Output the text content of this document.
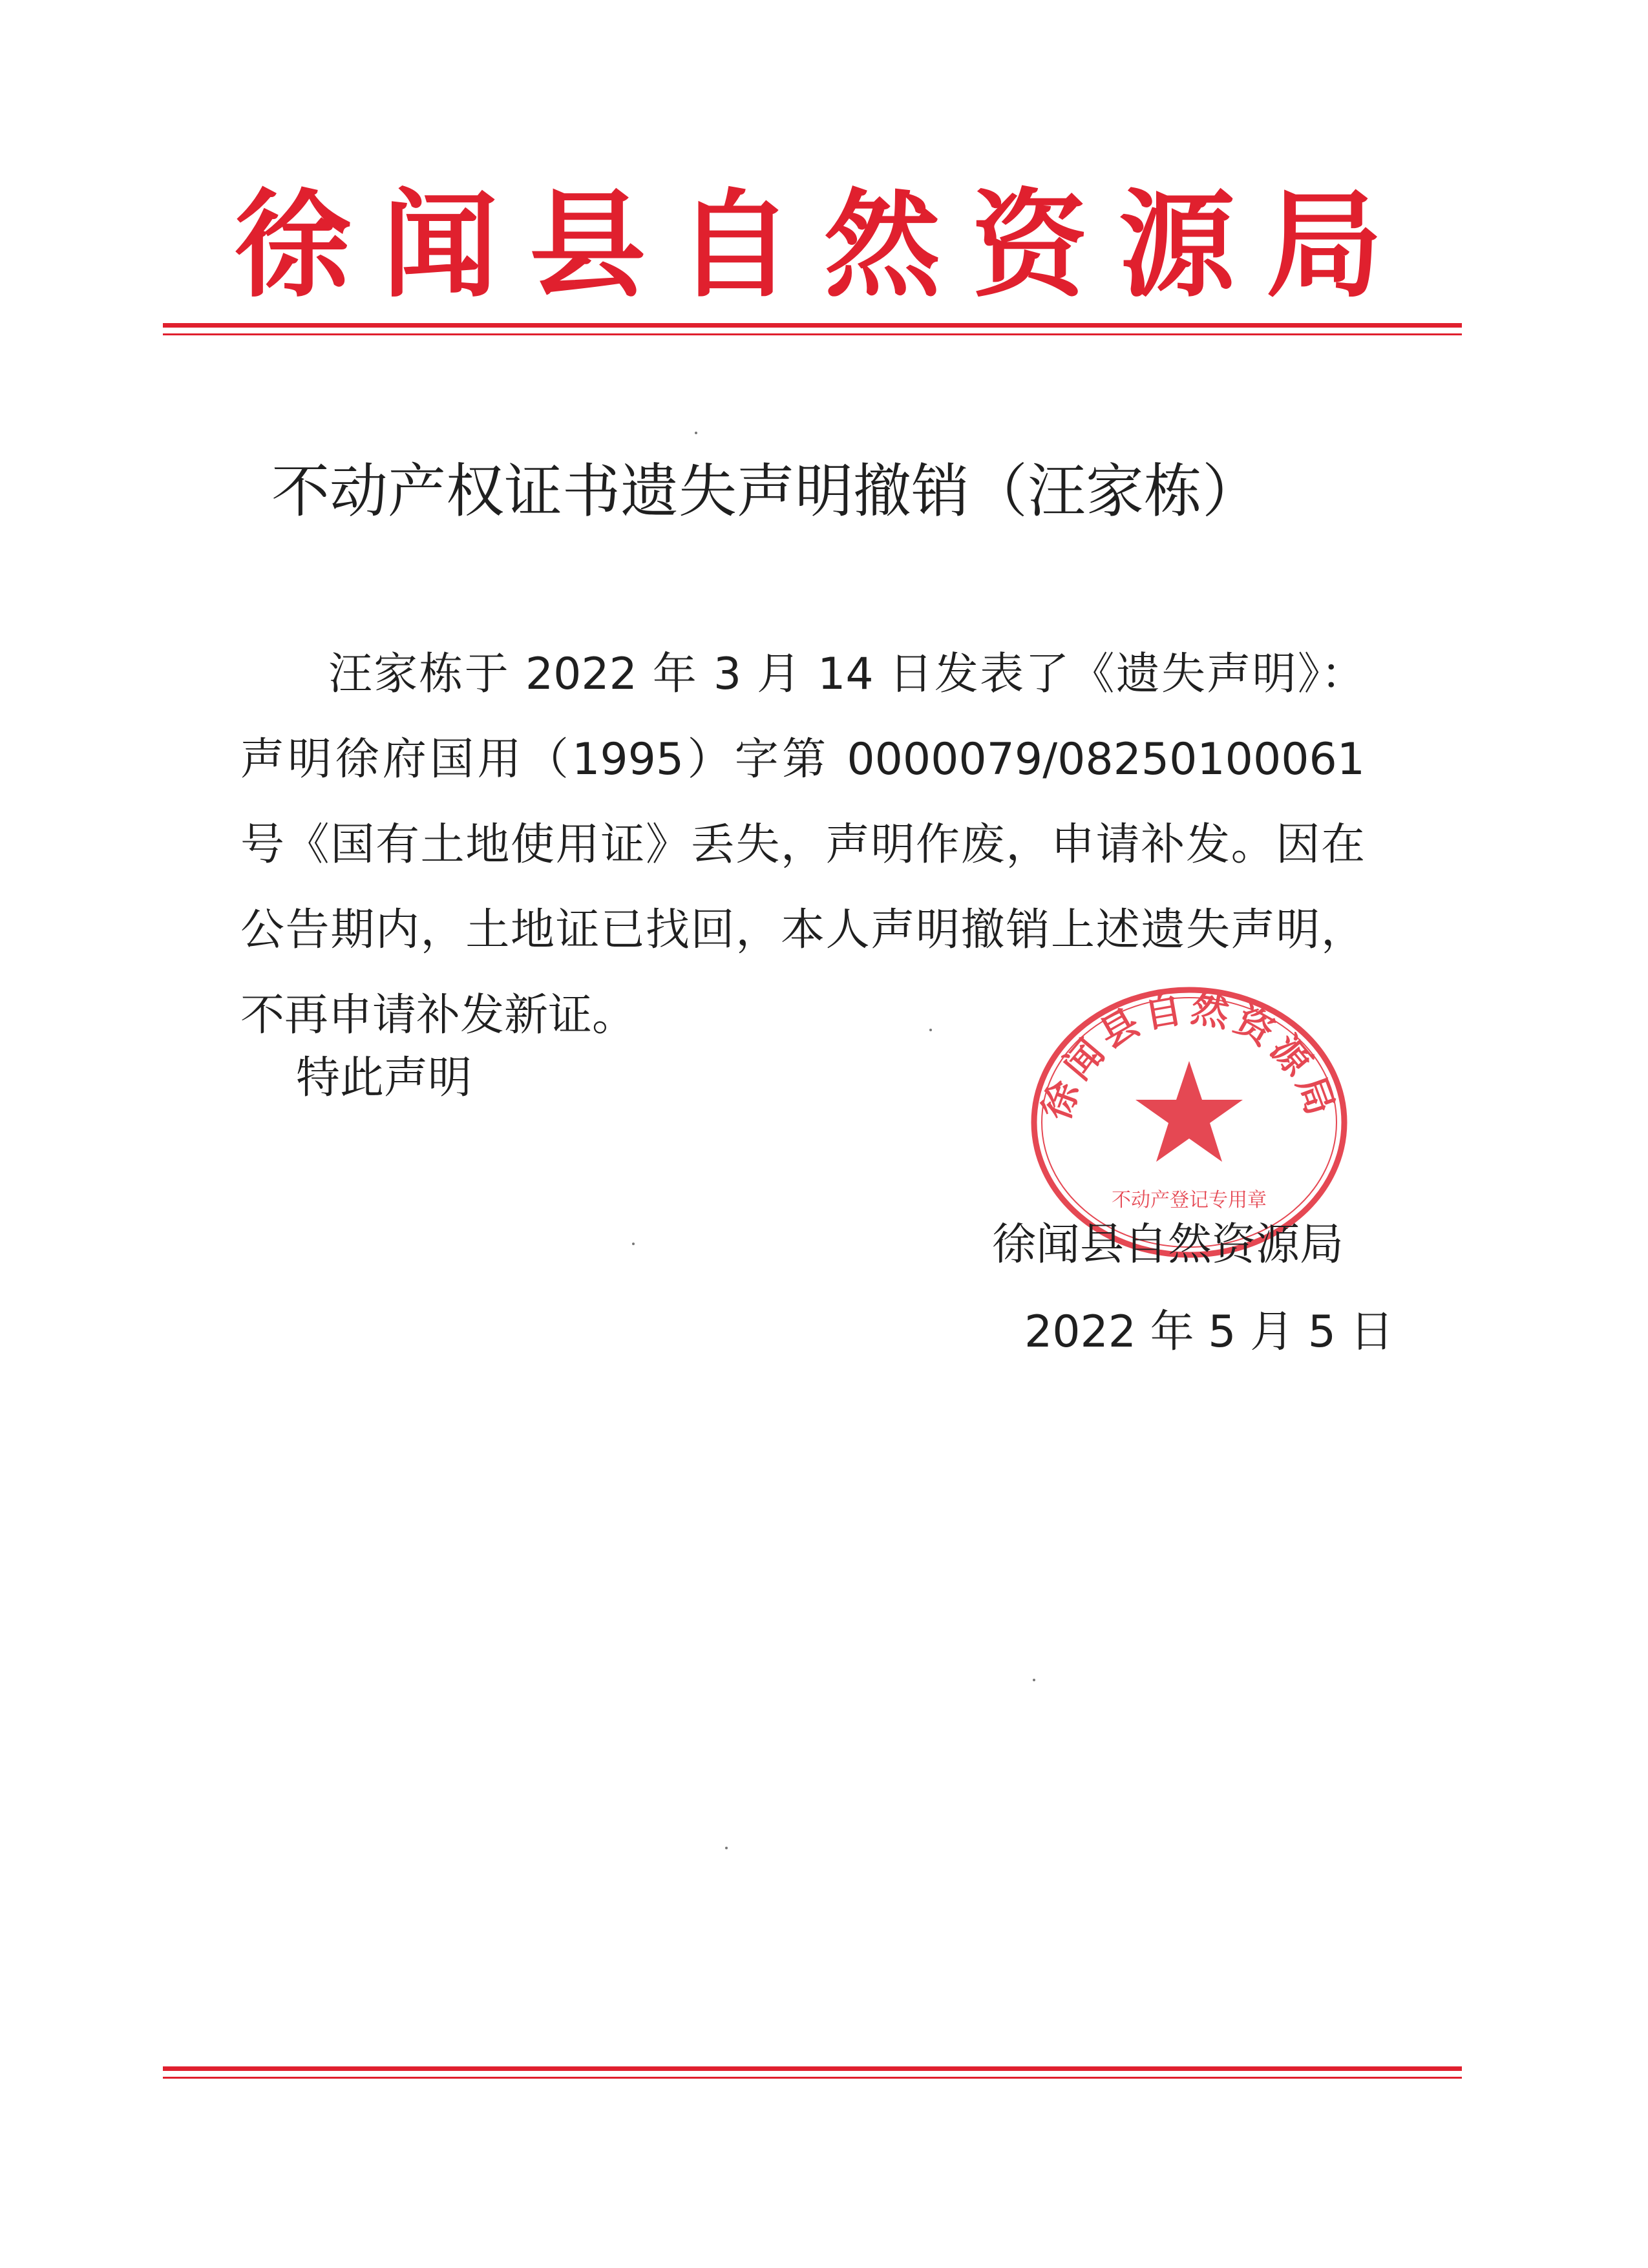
徐闻县自然资源局
不动产权证书遗失声明撤销（汪家栋）

汪家栋于 2022 年 3 月 14 日发表了《遗失声明》：声明徐府国用（1995）字第 0000079/08250100061 号《国有土地使用证》丢失，声明作废，申请补发。因在公告期内，土地证已找回，本人声明撤销上述遗失声明，不再申请补发新证。

特此声明	徐闻县自然资源局
不动产登记专用章
徐闻县自然资源局
2022 年 5 月 5 日
